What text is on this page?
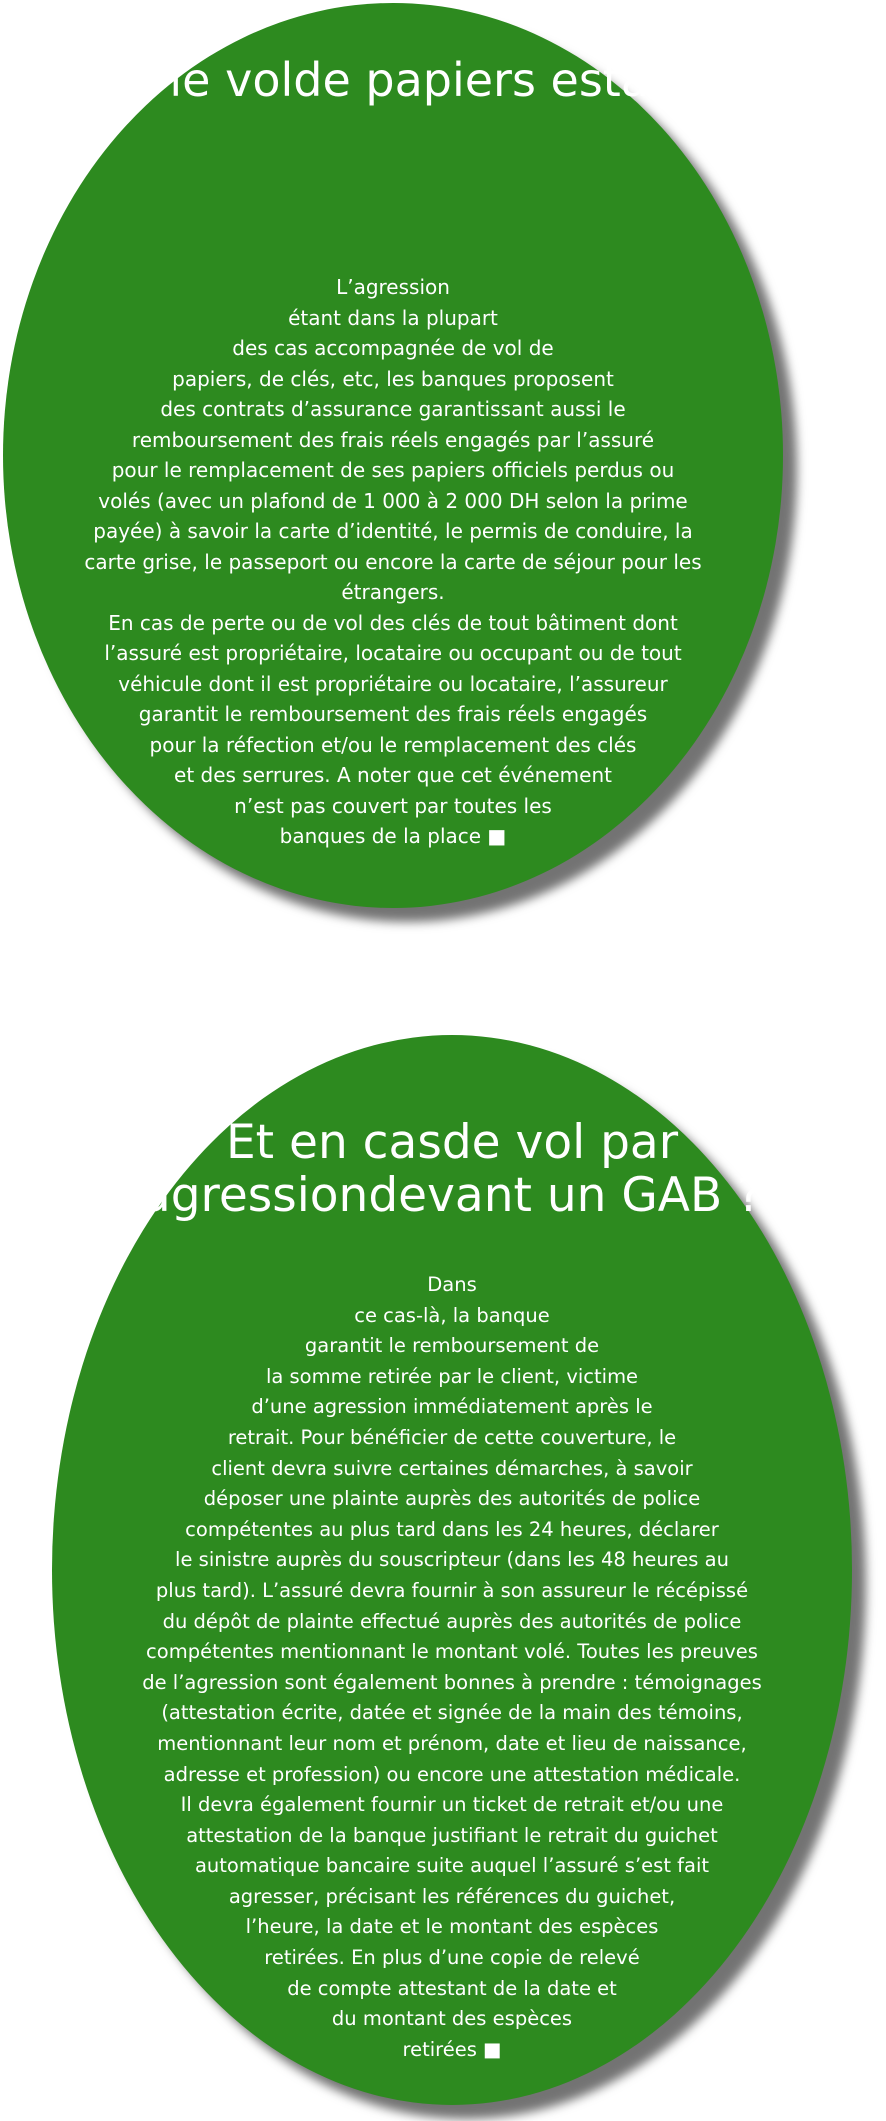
Même le volde papiers estassuré

L’agression
étant dans la plupart
des cas accompagnée de vol de
papiers, de clés, etc, les banques proposent
des contrats d’assurance garantissant aussi le
remboursement des frais réels engagés par l’assuré
pour le remplacement de ses papiers officiels perdus ou
volés (avec un plafond de 1 000 à 2 000 DH selon la prime
payée) à savoir la carte d’identité, le permis de conduire, la
carte grise, le passeport ou encore la carte de séjour pour les
étrangers.
En cas de perte ou de vol des clés de tout bâtiment dont
l’assuré est propriétaire, locataire ou occupant ou de tout
véhicule dont il est propriétaire ou locataire, l’assureur
garantit le remboursement des frais réels engagés
pour la réfection et/ou le remplacement des clés
et des serrures. A noter que cet événement
n’est pas couvert par toutes les
banques de la place ■

Et en casde vol par agressiondevant un GAB ?

Dans
ce cas-là, la banque
garantit le remboursement de
la somme retirée par le client, victime
d’une agression immédiatement après le
retrait. Pour bénéficier de cette couverture, le
client devra suivre certaines démarches, à savoir
déposer une plainte auprès des autorités de police
compétentes au plus tard dans les 24 heures, déclarer
le sinistre auprès du souscripteur (dans les 48 heures au
plus tard). L’assuré devra fournir à son assureur le récépissé
du dépôt de plainte effectué auprès des autorités de police
compétentes mentionnant le montant volé. Toutes les preuves
de l’agression sont également bonnes à prendre : témoignages
(attestation écrite, datée et signée de la main des témoins,
mentionnant leur nom et prénom, date et lieu de naissance,
adresse et profession) ou encore une attestation médicale.
Il devra également fournir un ticket de retrait et/ou une
attestation de la banque justifiant le retrait du guichet
automatique bancaire suite auquel l’assuré s’est fait
agresser, précisant les références du guichet,
l’heure, la date et le montant des espèces
retirées. En plus d’une copie de relevé
de compte attestant de la date et
du montant des espèces
retirées ■
